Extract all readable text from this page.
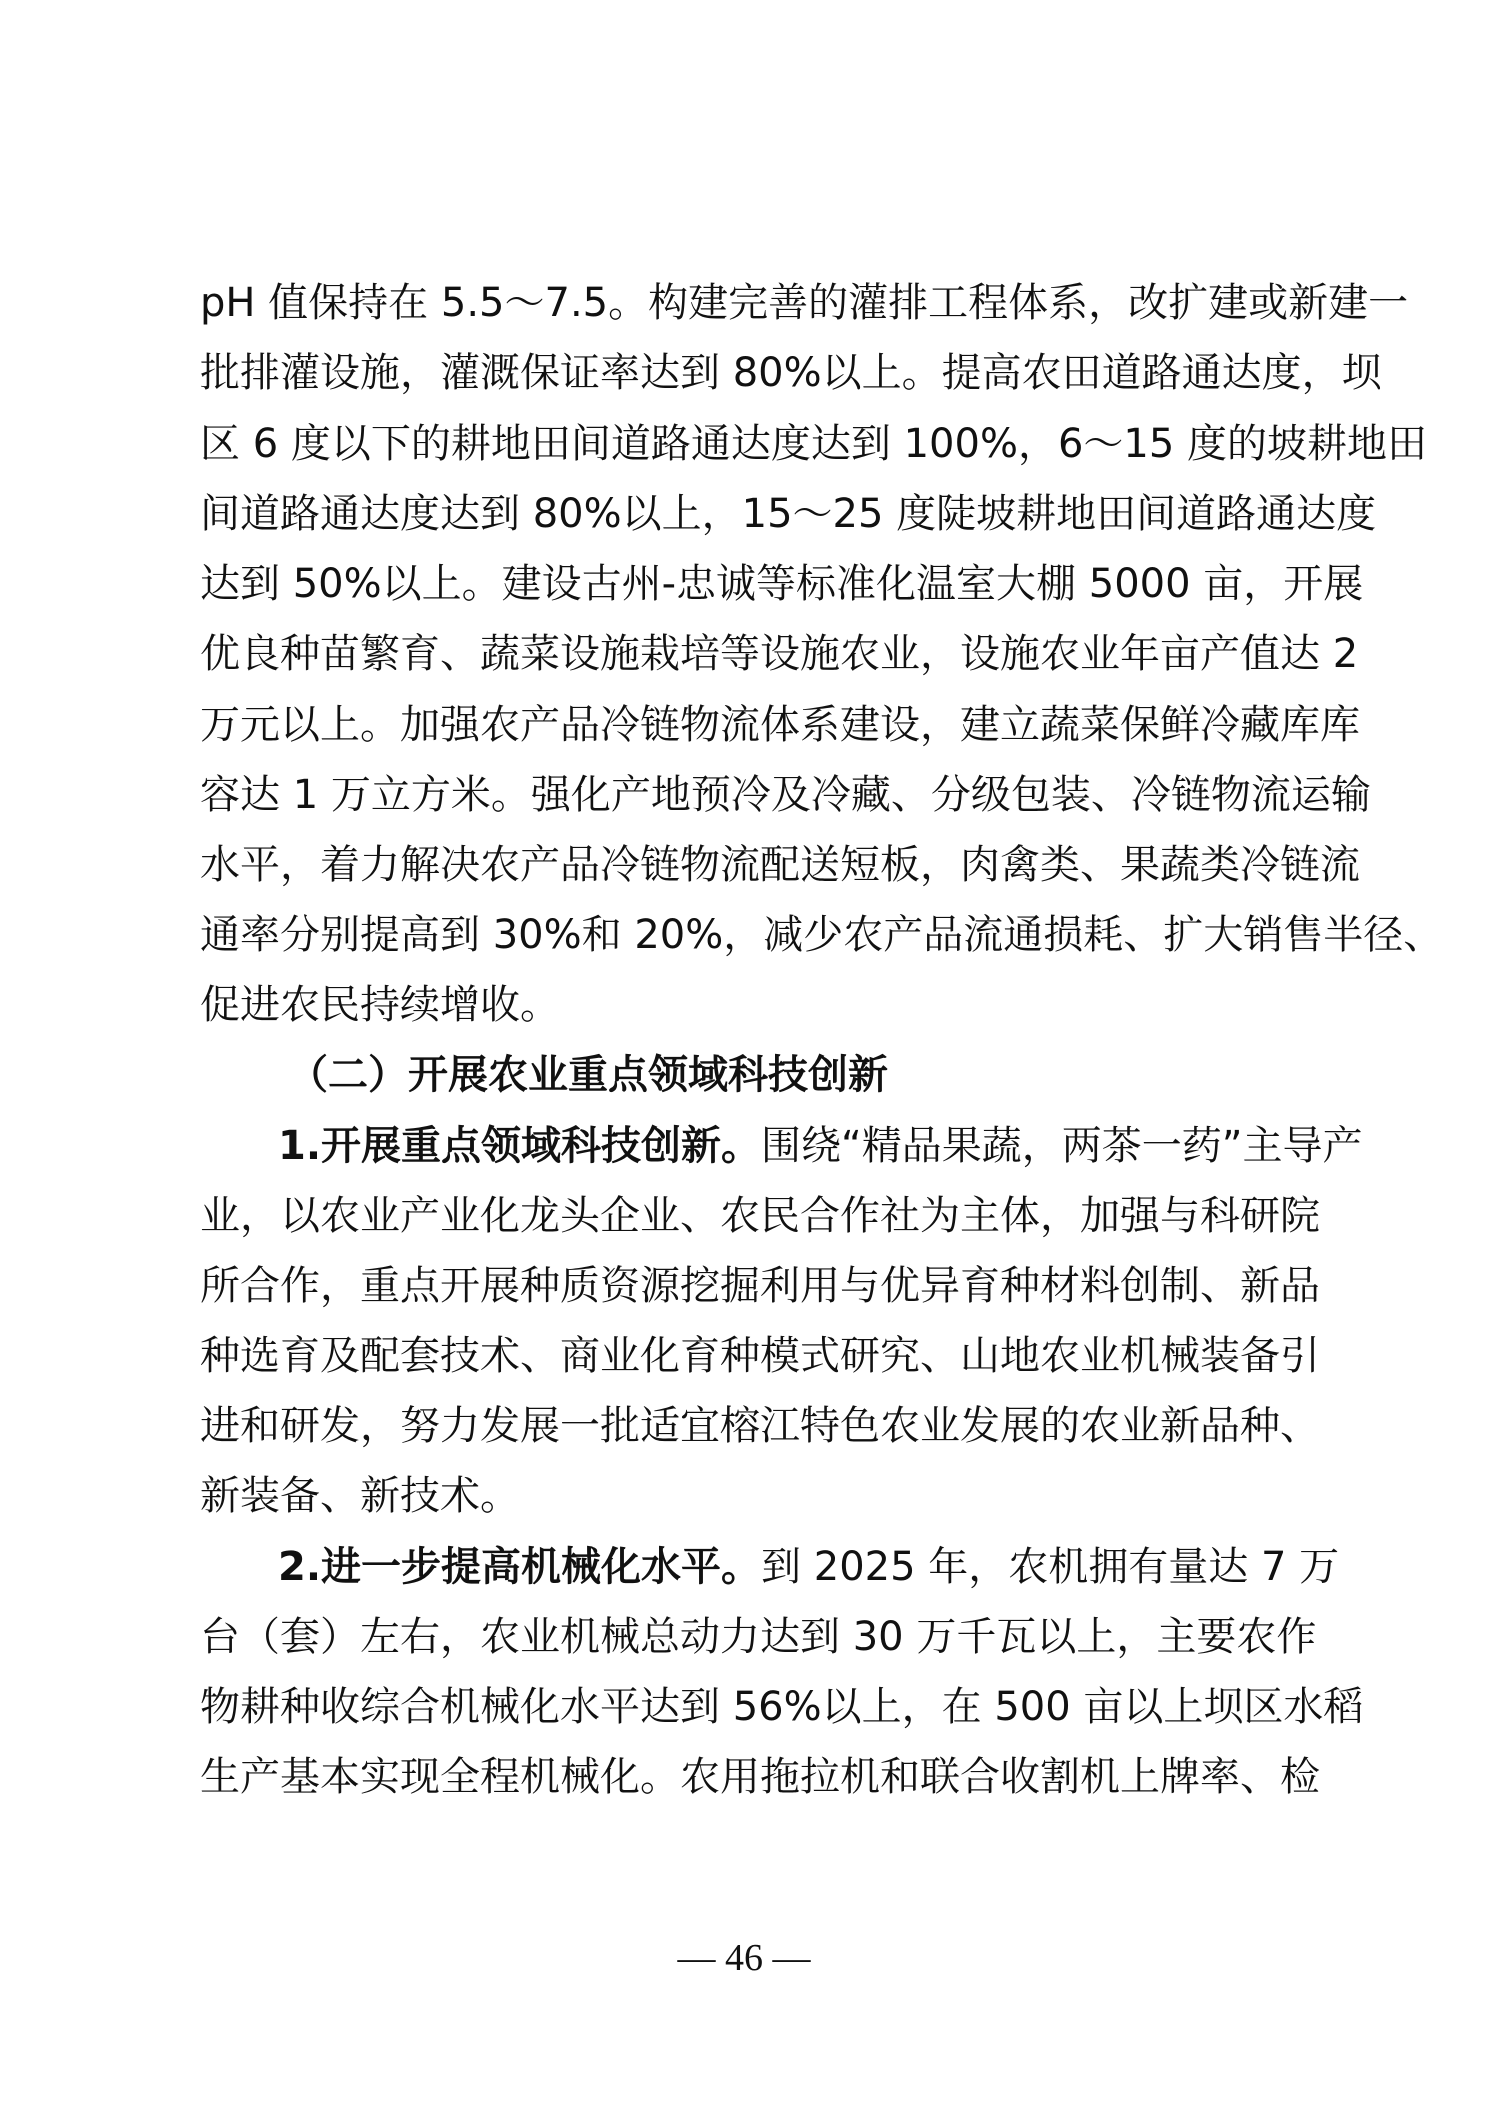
pH 值保持在 5.5～7.5。构建完善的灌排工程体系，改扩建或新建一
批排灌设施，灌溉保证率达到 80%以上。提高农田道路通达度，坝
区 6 度以下的耕地田间道路通达度达到 100%，6～15 度的坡耕地田
间道路通达度达到 80%以上，15～25 度陡坡耕地田间道路通达度
达到 50%以上。建设古州-忠诚等标准化温室大棚 5000 亩，开展
优良种苗繁育、蔬菜设施栽培等设施农业，设施农业年亩产值达 2
万元以上。加强农产品冷链物流体系建设，建立蔬菜保鲜冷藏库库
容达 1 万立方米。强化产地预冷及冷藏、分级包装、冷链物流运输
水平，着力解决农产品冷链物流配送短板，肉禽类、果蔬类冷链流
通率分别提高到 30%和 20%，减少农产品流通损耗、扩大销售半径、
促进农民持续增收。
（二）开展农业重点领域科技创新
1.开展重点领域科技创新。围绕“精品果蔬，两茶一药”主导产
业，以农业产业化龙头企业、农民合作社为主体，加强与科研院
所合作，重点开展种质资源挖掘利用与优异育种材料创制、新品
种选育及配套技术、商业化育种模式研究、山地农业机械装备引
进和研发，努力发展一批适宜榕江特色农业发展的农业新品种、
新装备、新技术。
2.进一步提高机械化水平。到 2025 年，农机拥有量达 7 万
台（套）左右，农业机械总动力达到 30 万千瓦以上，主要农作
物耕种收综合机械化水平达到 56%以上，在 500 亩以上坝区水稻
生产基本实现全程机械化。农用拖拉机和联合收割机上牌率、检
— 46 —
